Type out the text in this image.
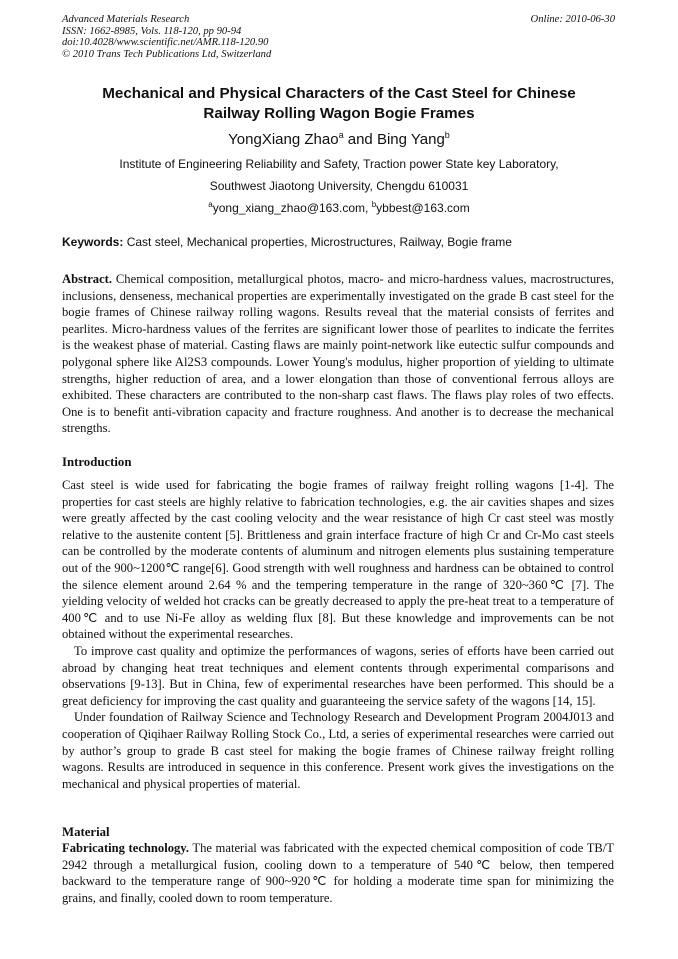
Advanced Materials Research
ISSN: 1662-8985, Vols. 118-120, pp 90-94
doi:10.4028/www.scientific.net/AMR.118-120.90
© 2010 Trans Tech Publications Ltd, Switzerland
Online: 2010-06-30
Mechanical and Physical Characters of the Cast Steel for Chinese
Railway Rolling Wagon Bogie Frames
YongXiang Zhao$^a$ and Bing Yang$^b$
Institute of Engineering Reliability and Safety, Traction power State key Laboratory,
Southwest Jiaotong University, Chengdu 610031
$^a$yong_xiang_zhao@163.com, $^b$ybbest@163.com
Keywords: Cast steel, Mechanical properties, Microstructures, Railway, Bogie frame

Abstract. Chemical composition, metallurgical photos, macro- and micro-hardness values, macrostructures, inclusions, denseness, mechanical properties are experimentally investigated on the grade B cast steel for the bogie frames of Chinese railway rolling wagons. Results reveal that the material consists of ferrites and pearlites. Micro-hardness values of the ferrites are significant lower those of pearlites to indicate the ferrites is the weakest phase of material. Casting flaws are mainly point-network like eutectic sulfur compounds and polygonal sphere like Al2S3 compounds. Lower Young's modulus, higher proportion of yielding to ultimate strengths, higher reduction of area, and a lower elongation than those of conventional ferrous alloys are exhibited. These characters are contributed to the non-sharp cast flaws. The flaws play roles of two effects. One is to benefit anti-vibration capacity and fracture roughness. And another is to decrease the mechanical strengths.

Introduction

Cast steel is wide used for fabricating the bogie frames of railway freight rolling wagons [1-4]. The properties for cast steels are highly relative to fabrication technologies, e.g. the air cavities shapes and sizes were greatly affected by the cast cooling velocity and the wear resistance of high Cr cast steel was mostly relative to the austenite content [5]. Brittleness and grain interface fracture of high Cr and Cr-Mo cast steels can be controlled by the moderate contents of aluminum and nitrogen elements plus sustaining temperature out of the 900~1200℃ range[6]. Good strength with well roughness and hardness can be obtained to control the silence element around 2.64 % and the tempering temperature in the range of 320~360℃ [7]. The yielding velocity of welded hot cracks can be greatly decreased to apply the pre-heat treat to a temperature of 400℃ and to use Ni-Fe alloy as welding flux [8]. But these knowledge and improvements can be not obtained without the experimental researches.

To improve cast quality and optimize the performances of wagons, series of efforts have been carried out abroad by changing heat treat techniques and element contents through experimental comparisons and observations [9-13]. But in China, few of experimental researches have been performed. This should be a great deficiency for improving the cast quality and guaranteeing the service safety of the wagons [14, 15].

Under foundation of Railway Science and Technology Research and Development Program 2004J013 and cooperation of Qiqihaer Railway Rolling Stock Co., Ltd, a series of experimental researches were carried out by author’s group to grade B cast steel for making the bogie frames of Chinese railway freight rolling wagons. Results are introduced in sequence in this conference. Present work gives the investigations on the mechanical and physical properties of material.

Material

Fabricating technology. The material was fabricated with the expected chemical composition of code TB/T 2942 through a metallurgical fusion, cooling down to a temperature of 540℃ below, then tempered backward to the temperature range of 900~920℃ for holding a moderate time span for minimizing the grains, and finally, cooled down to room temperature.
